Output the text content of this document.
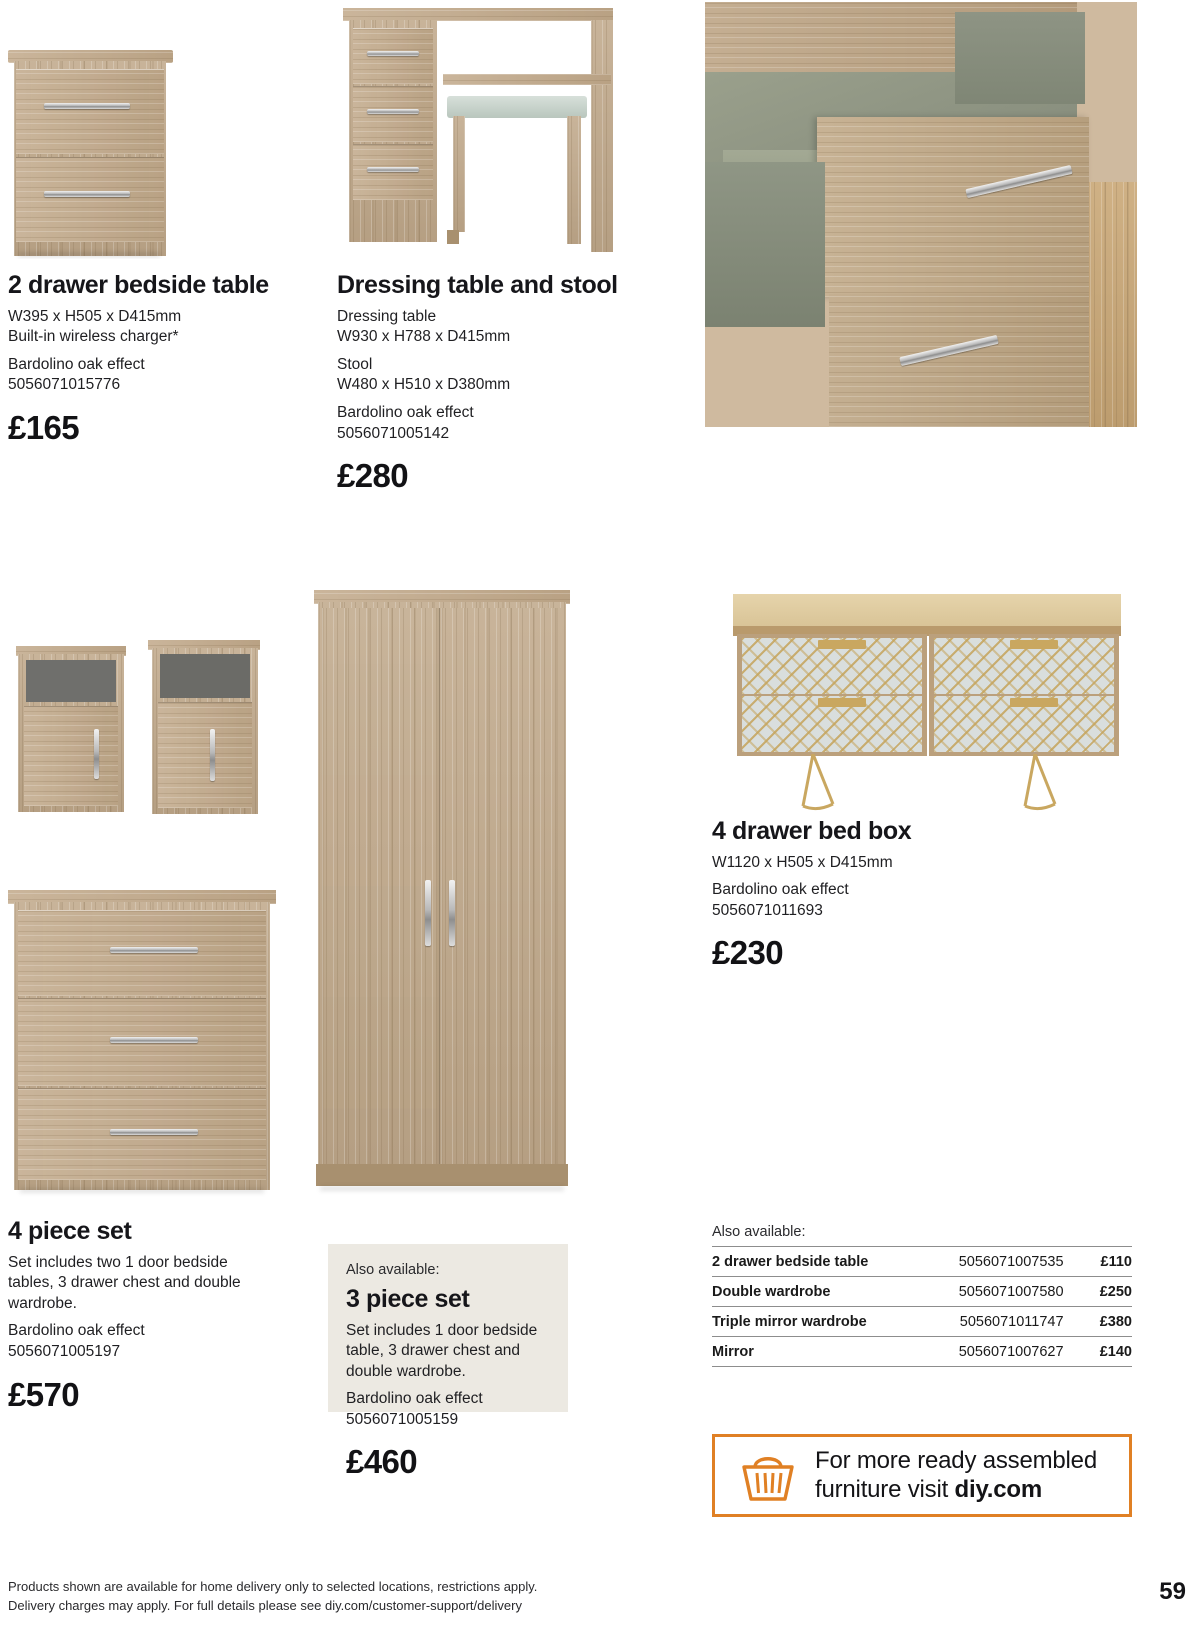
2 drawer bedside table
W395 x H505 x D415mm
Built-in wireless charger*
Bardolino oak effect
5056071015776
£165
Dressing table and stool
Dressing table
W930 x H788 x D415mm
Stool
W480 x H510 x D380mm
Bardolino oak effect
5056071005142
£280
4 drawer bed box
W1120 x H505 x D415mm
Bardolino oak effect
5056071011693
£230
4 piece set
Set includes two 1 door bedside tables, 3 drawer chest and double wardrobe.
Bardolino oak effect
5056071005197
£570
Also available:
3 piece set
Set includes 1 door bedside table, 3 drawer chest and double wardrobe.
Bardolino oak effect
5056071005159
£460
Also available:
2 drawer bedside table	5056071007535	£110
Double wardrobe	5056071007580	£250
Triple mirror wardrobe	5056071011747	£380
Mirror	5056071007627	£140
For more ready assembled
furniture visit diy.com
Products shown are available for home delivery only to selected locations, restrictions apply.
Delivery charges may apply. For full details please see diy.com/customer-support/delivery
59
